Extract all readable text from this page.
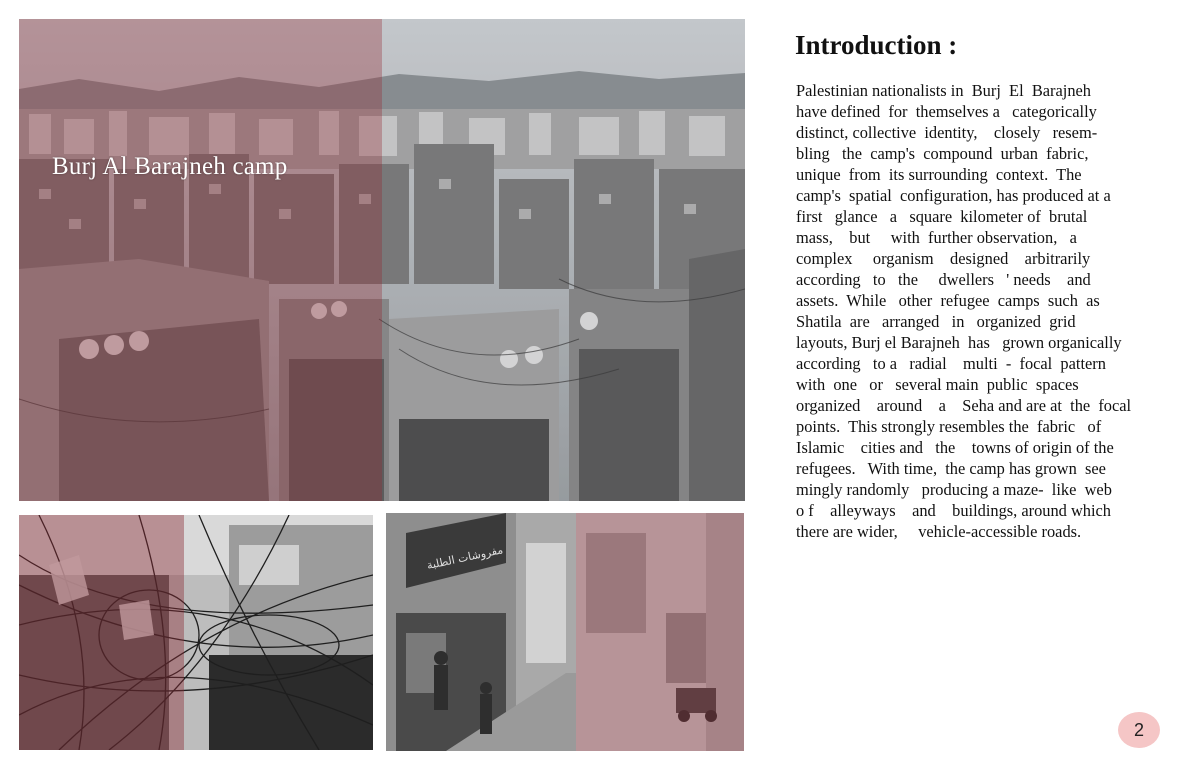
Burj Al Barajneh camp
مفروشات الطلبة
Introduction :
Palestinian nationalists in  Burj  El  Barajneh
have defined  for  themselves a   categorically
distinct, collective  identity,    closely   resem-
bling   the  camp's  compound  urban  fabric,
unique  from  its surrounding  context.  The
camp's  spatial  configuration, has produced at a
first   glance   a   square  kilometer of  brutal
mass,    but     with  further observation,   a
complex     organism    designed    arbitrarily
according   to   the     dwellers   ' needs    and
assets.  While   other  refugee  camps  such  as
Shatila  are   arranged   in   organized  grid
layouts, Burj el Barajneh  has   grown organically
according   to a   radial    multi  -  focal  pattern
with  one   or   several main  public  spaces
organized    around    a    Seha and are at  the  focal
points.  This strongly resembles the  fabric   of
Islamic    cities and   the    towns of origin of the
refugees.   With time,  the camp has grown  see
mingly randomly   producing a maze-  like  web
o f    alleyways    and    buildings, around which
there are wider,     vehicle-accessible roads.
2
